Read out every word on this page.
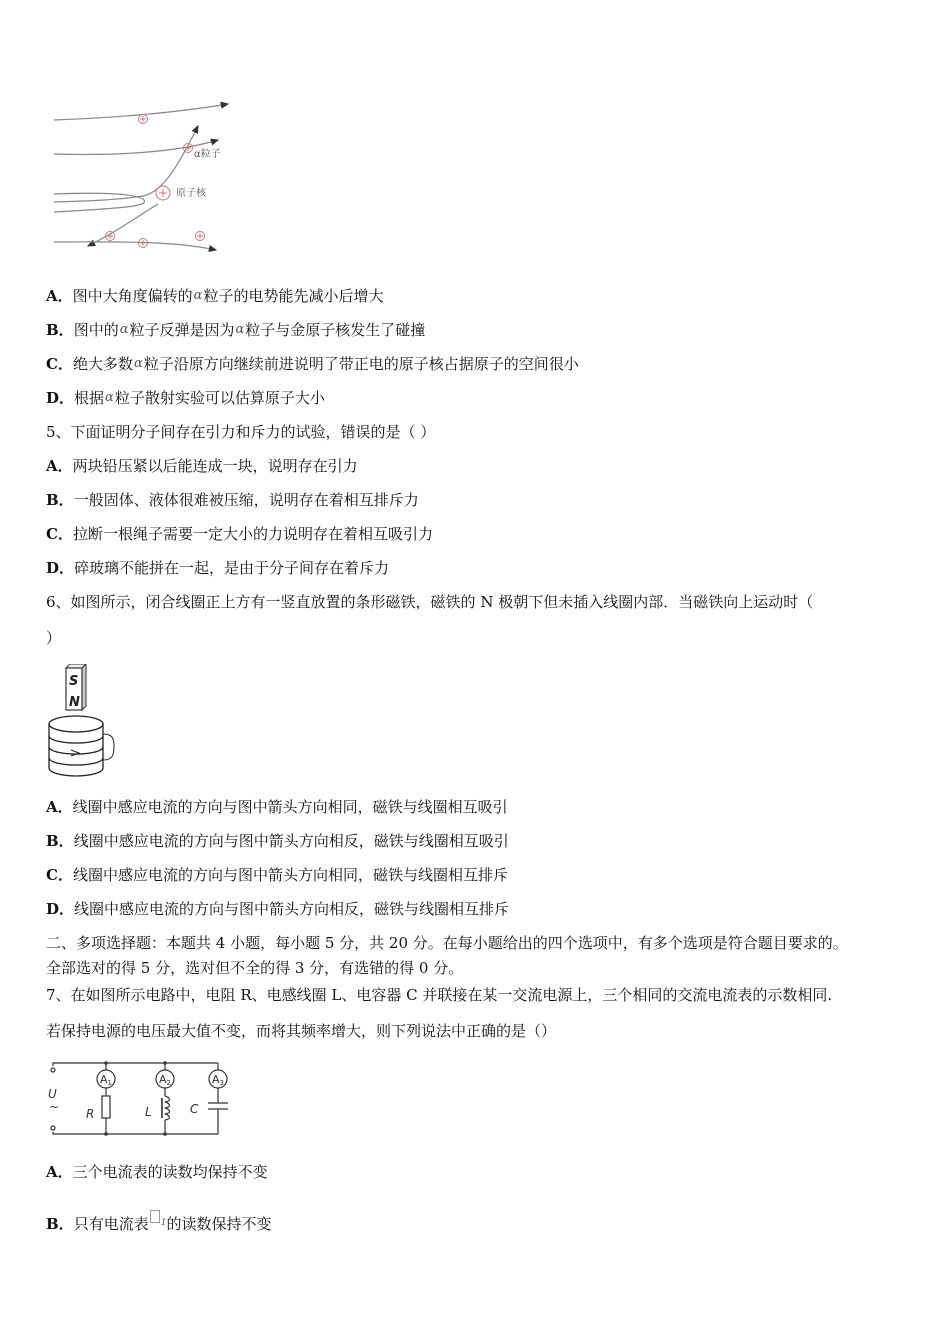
α粒子
原子核
A．图中大角度偏转的α粒子的电势能先减小后增大
B．图中的α粒子反弹是因为α粒子与金原子核发生了碰撞
C．绝大多数α粒子沿原方向继续前进说明了带正电的原子核占据原子的空间很小
D．根据α粒子散射实验可以估算原子大小
5、下面证明分子间存在引力和斥力的试验，错误的是（ ）
A．两块铅压紧以后能连成一块，说明存在引力
B．一般固体、液体很难被压缩，说明存在着相互排斥力
C．拉断一根绳子需要一定大小的力说明存在着相互吸引力
D．碎玻璃不能拼在一起，是由于分子间存在着斥力
6、如图所示，闭合线圈正上方有一竖直放置的条形磁铁，磁铁的 N 极朝下但未插入线圈内部．当磁铁向上运动时（
）
S
N
A．线圈中感应电流的方向与图中箭头方向相同，磁铁与线圈相互吸引
B．线圈中感应电流的方向与图中箭头方向相反，磁铁与线圈相互吸引
C．线圈中感应电流的方向与图中箭头方向相同，磁铁与线圈相互排斥
D．线圈中感应电流的方向与图中箭头方向相反，磁铁与线圈相互排斥
二、多项选择题：本题共 4 小题，每小题 5 分，共 20 分。在每小题给出的四个选项中，有多个选项是符合题目要求的。
全部选对的得 5 分，选对但不全的得 3 分，有选错的得 0 分。
7、在如图所示电路中，电阻 R、电感线圈 L、电容器 C 并联接在某一交流电源上，三个相同的交流电流表的示数相同.
若保持电源的电压最大值不变，而将其频率增大，则下列说法中正确的是（）
A1	A2	A3
U
~ R	L	C
A．三个电流表的读数均保持不变
B．只有电流表 $^1$的读数保持不变
